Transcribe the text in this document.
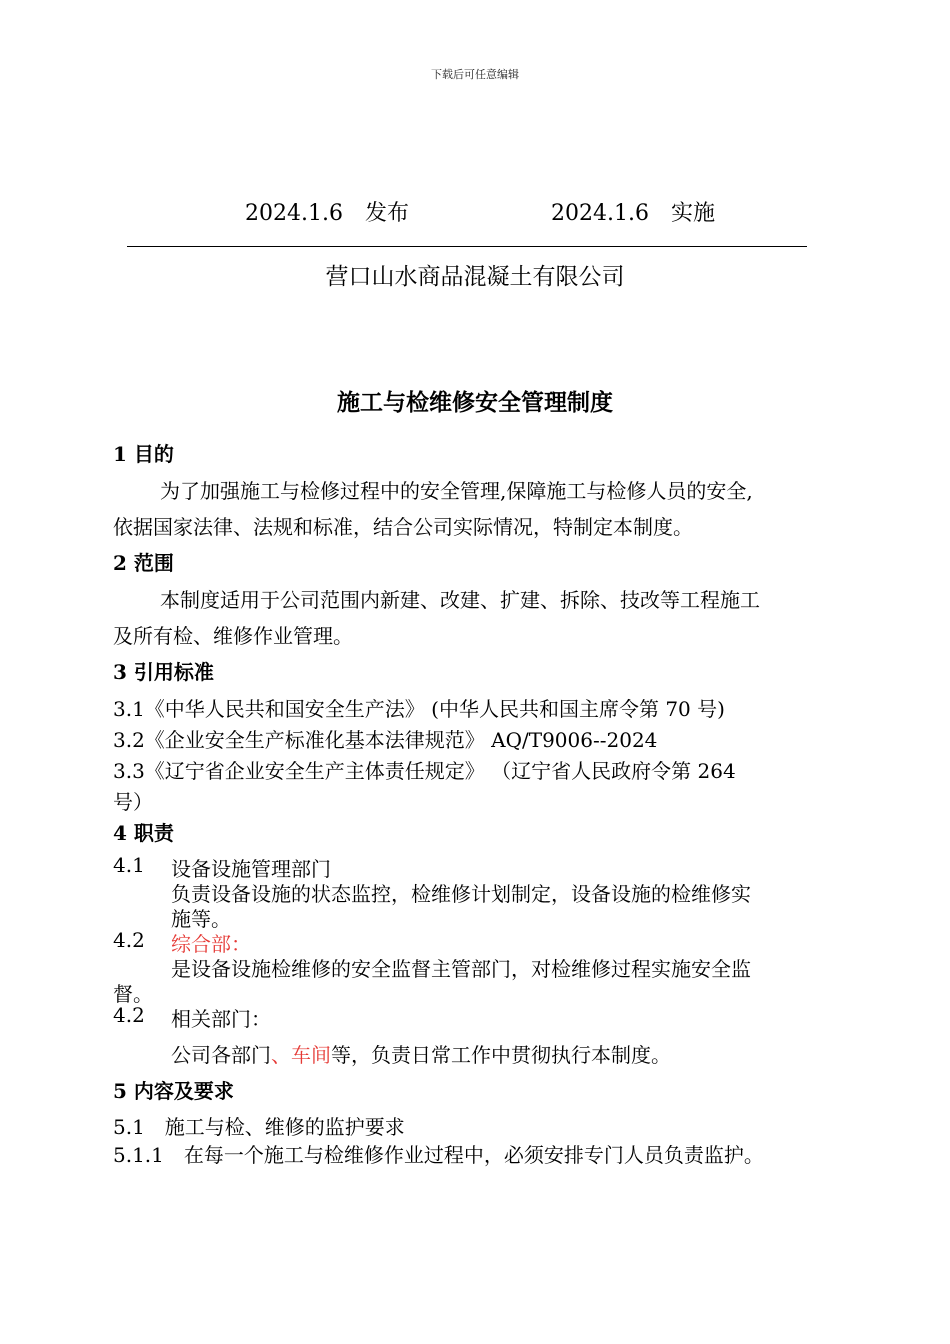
下载后可任意编辑
2024.1.6　发布	2024.1.6　实施
营口山水商品混凝土有限公司
施工与检维修安全管理制度
1 目的
为了加强施工与检修过程中的安全管理,保障施工与检修人员的安全,
依据国家法律、法规和标准，结合公司实际情况，特制定本制度。
2 范围
本制度适用于公司范围内新建、改建、扩建、拆除、技改等工程施工
及所有检、维修作业管理。
3 引用标准
3.1《中华人民共和国安全生产法》 (中华人民共和国主席令第 70 号)
3.2《企业安全生产标准化基本法律规范》 AQ/T9006--2024
3.3《辽宁省企业安全生产主体责任规定》 （辽宁省人民政府令第 264
号）
4 职责
4.1 设备设施管理部门
负责设备设施的状态监控，检维修计划制定，设备设施的检维修实
施等。
4.2 综合部：
是设备设施检维修的安全监督主管部门，对检维修过程实施安全监
督。
4.2 相关部门：
公司各部门、车间等，负责日常工作中贯彻执行本制度。
5 内容及要求
5.1　施工与检、维修的监护要求
5.1.1　在每一个施工与检维修作业过程中，必须安排专门人员负责监护。
